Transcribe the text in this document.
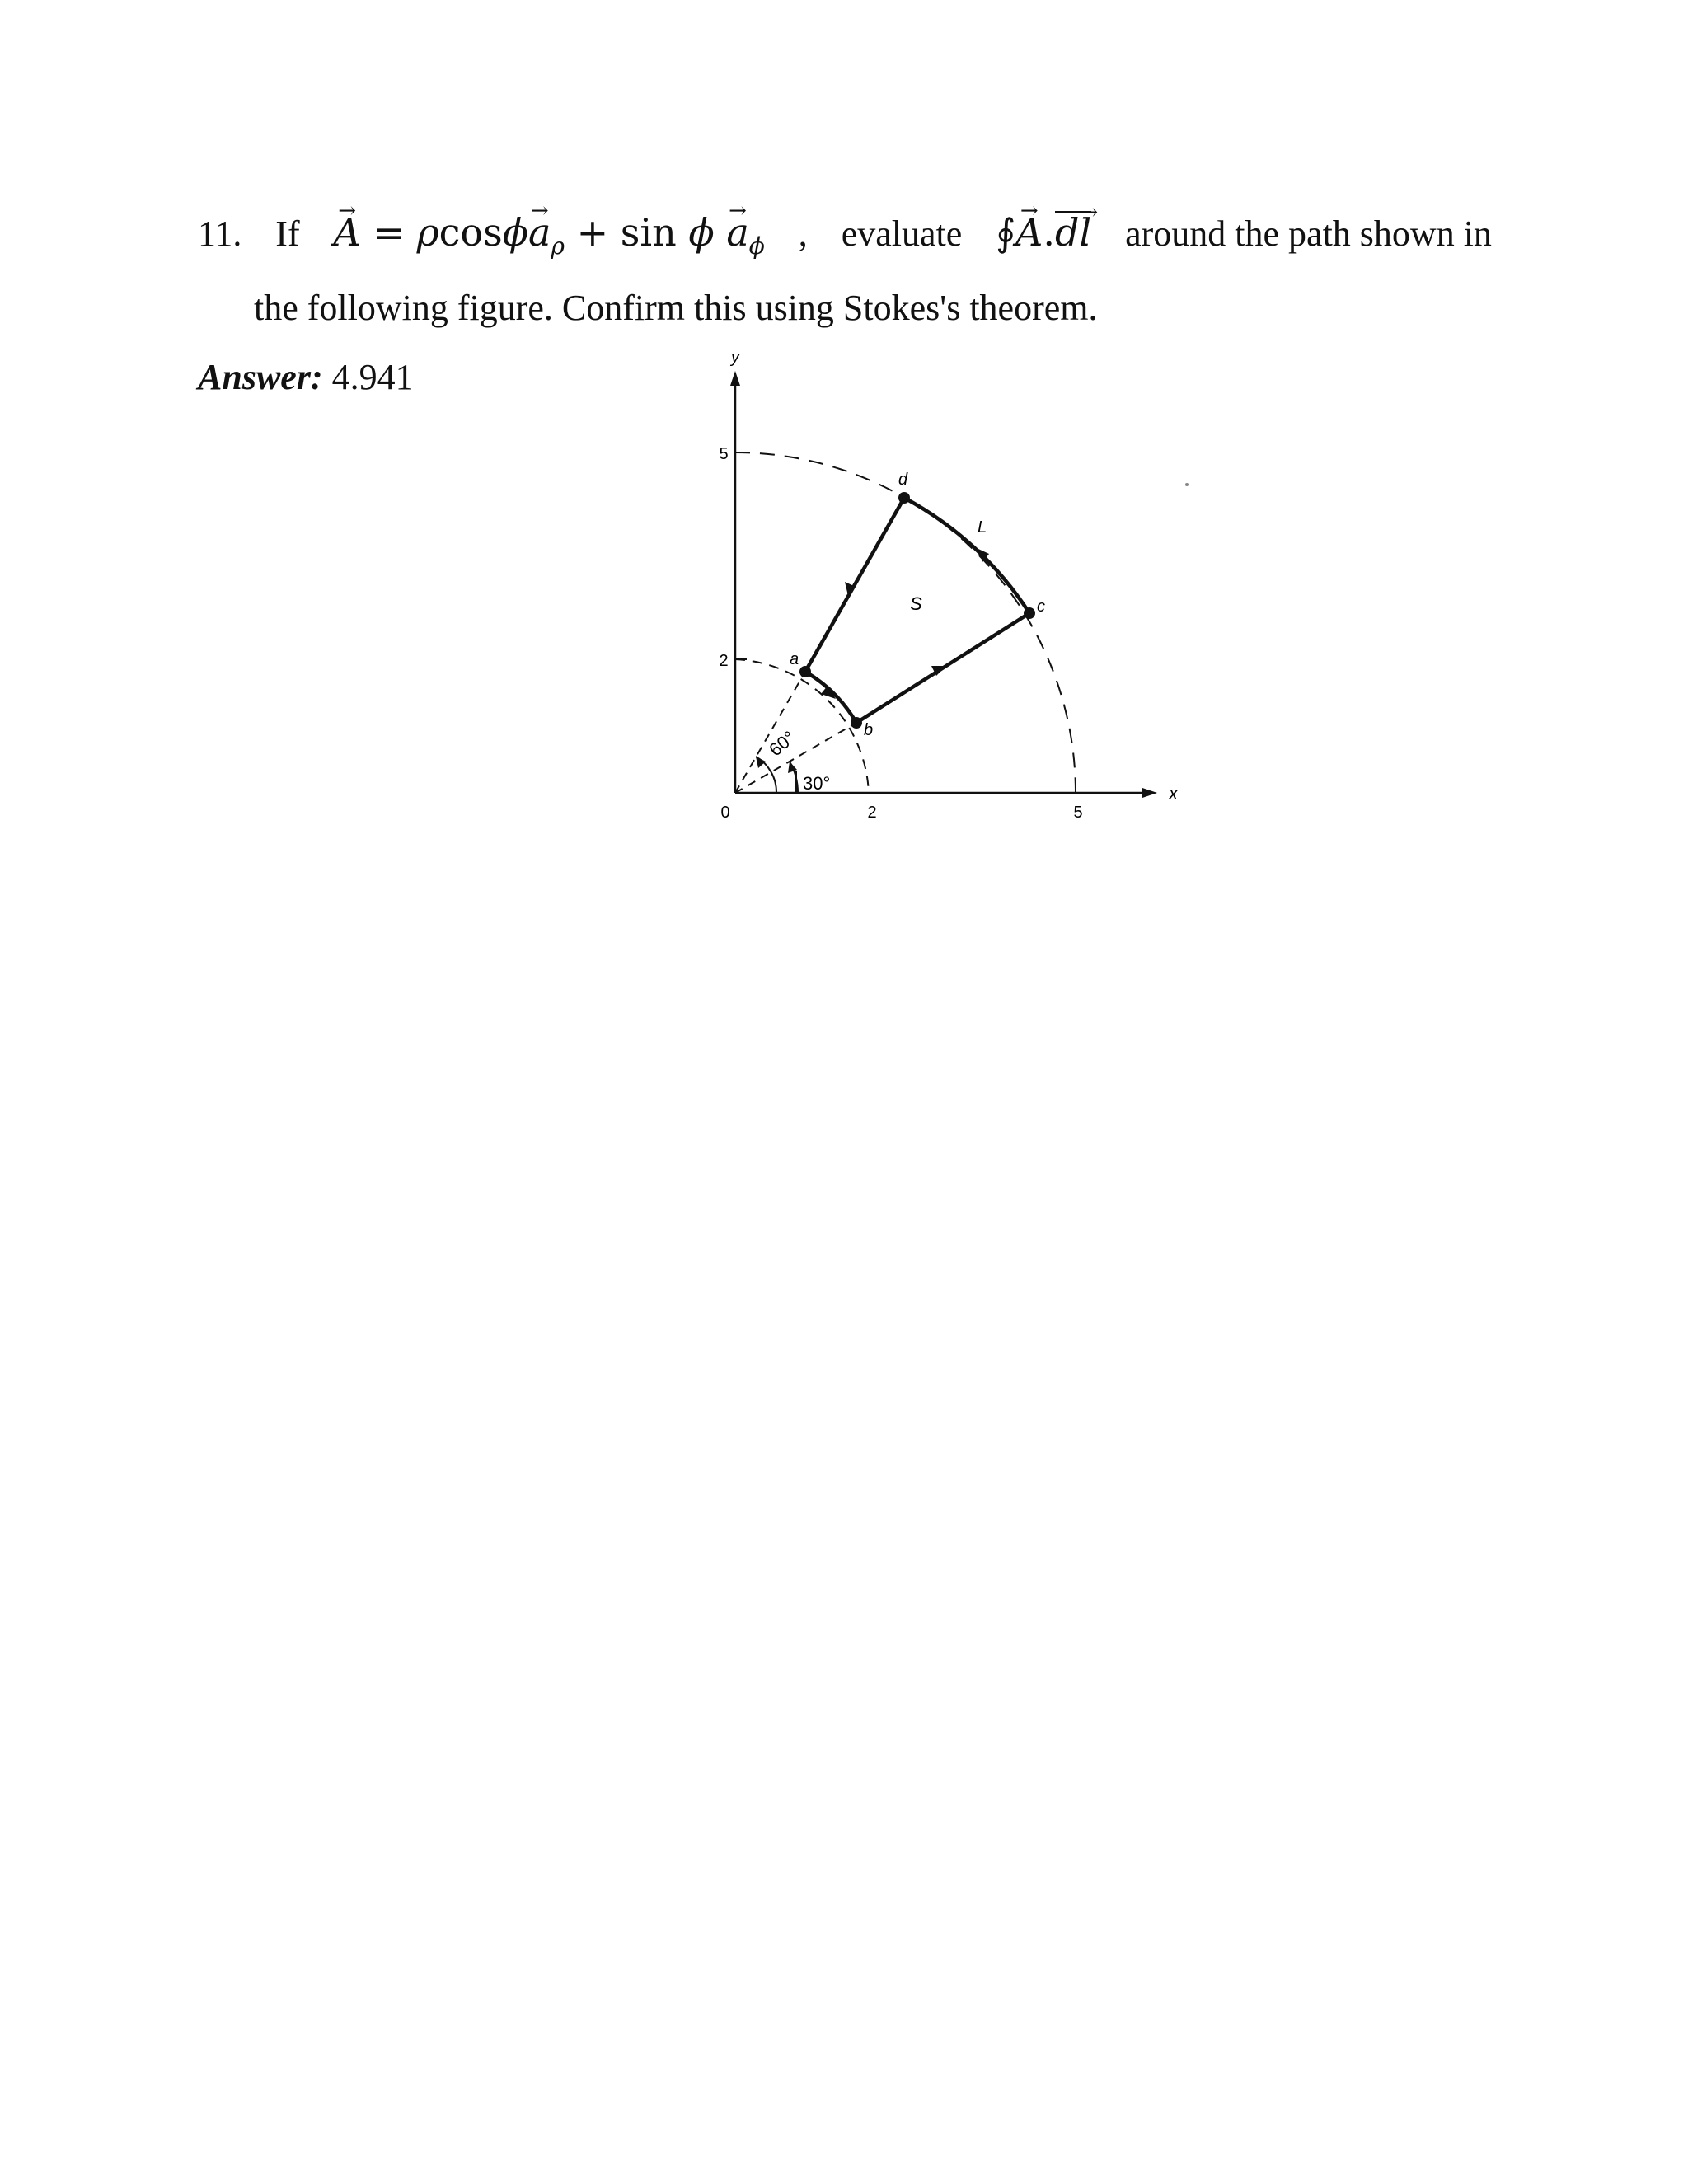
11. If
→ $A = \rho\cos\phi\to a_\rho + \sin \phi \to a_\phi$ , evaluate ∮→ A.dl → around the path shown in
the following figure. Confirm this using Stokes's theorem.
Answer: 4.941	y
x
0	2	5
5
2	a
b
c
d
L
S
60°
30°
